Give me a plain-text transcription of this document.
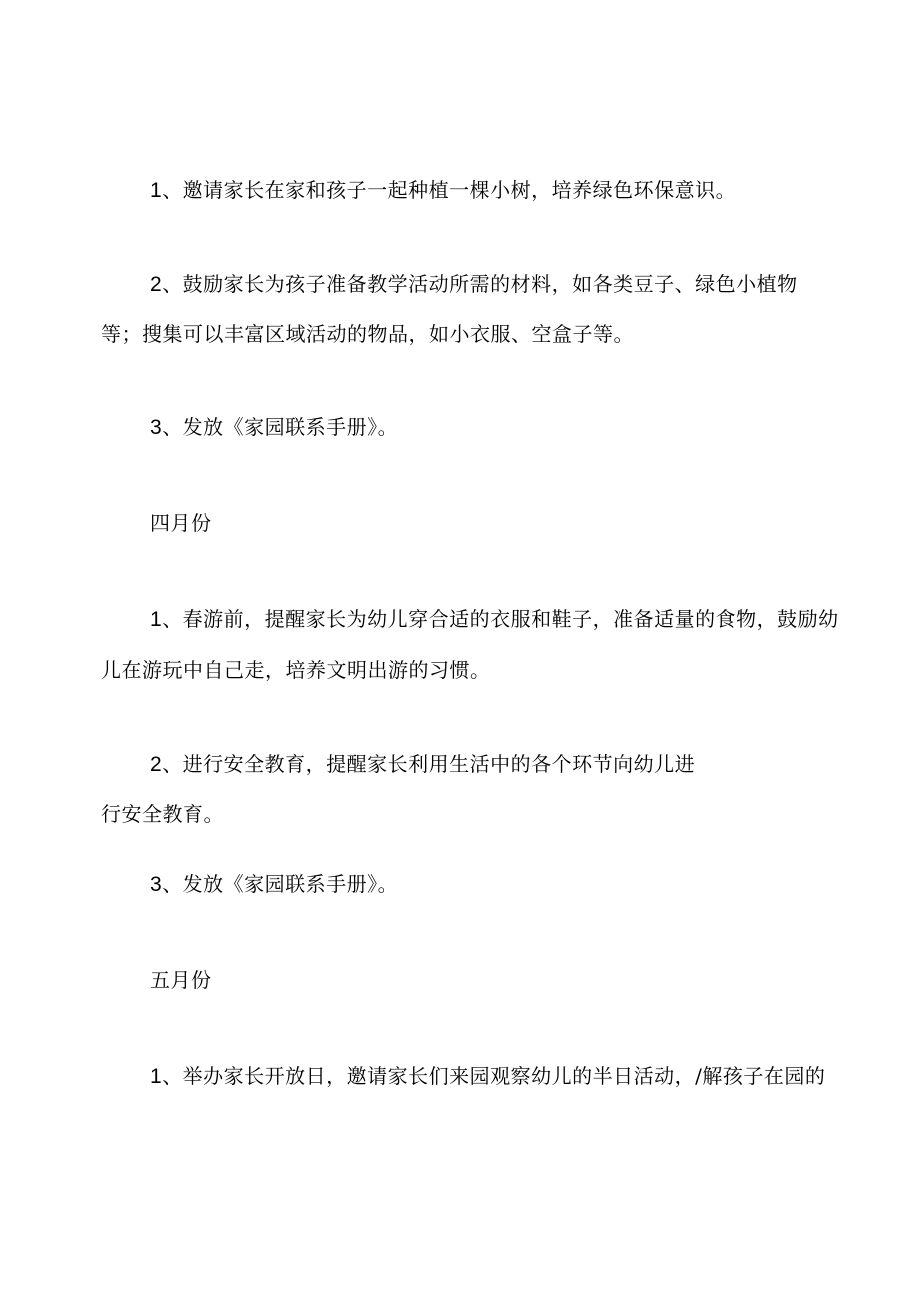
1、邀请家长在家和孩子一起种植一棵小树，培养绿色环保意识。
2、鼓励家长为孩子准备教学活动所需的材料，如各类豆子、绿色小植物
等；搜集可以丰富区域活动的物品，如小衣服、空盒子等。
3、发放《家园联系手册》。
四月份
1、春游前，提醒家长为幼儿穿合适的衣服和鞋子，准备适量的食物，鼓励幼
儿在游玩中自己走，培养文明出游的习惯。
2、进行安全教育，提醒家长利用生活中的各个环节向幼儿进
行安全教育。
3、发放《家园联系手册》。
五月份
1、举办家长开放日，邀请家长们来园观察幼儿的半日活动，/解孩子在园的
